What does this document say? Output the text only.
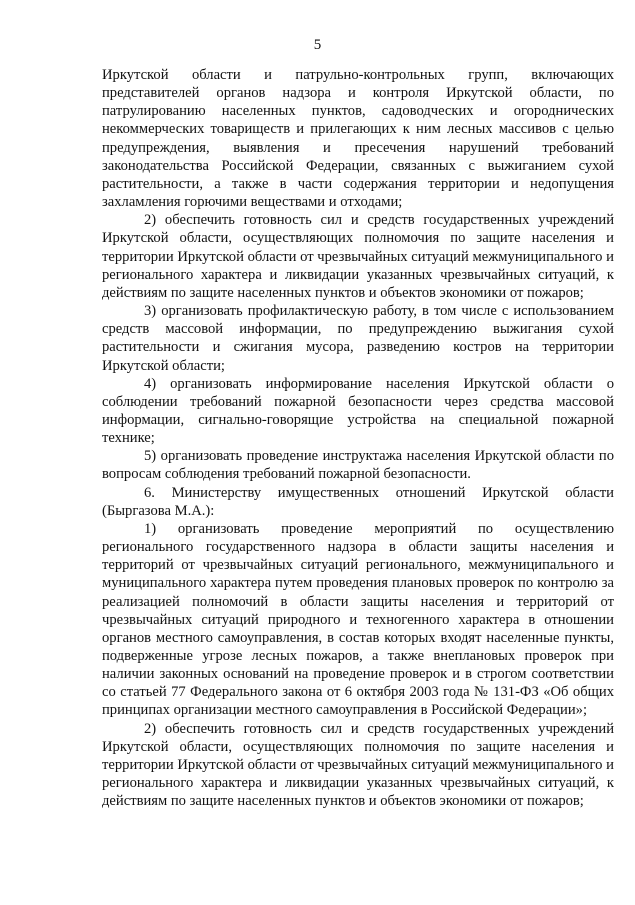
5

Иркутской области и патрульно-контрольных групп, включающих представителей органов надзора и контроля Иркутской области, по патрулированию населенных пунктов, садоводческих и огороднических некоммерческих товариществ и прилегающих к ним лесных массивов с целью предупреждения, выявления и пресечения нарушений требований законодательства Российской Федерации, связанных с выжиганием сухой растительности, а также в части содержания территории и недопущения захламления горючими веществами и отходами;

2) обеспечить готовность сил и средств государственных учреждений Иркутской области, осуществляющих полномочия по защите населения и территории Иркутской области от чрезвычайных ситуаций межмуниципального и регионального характера и ликвидации указанных чрезвычайных ситуаций, к действиям по защите населенных пунктов и объектов экономики от пожаров;

3) организовать профилактическую работу, в том числе с использованием средств массовой информации, по предупреждению выжигания сухой растительности и сжигания мусора, разведению костров на территории Иркутской области;

4) организовать информирование населения Иркутской области о соблюдении требований пожарной безопасности через средства массовой информации, сигнально-говорящие устройства на специальной пожарной технике;

5) организовать проведение инструктажа населения Иркутской области по вопросам соблюдения требований пожарной безопасности.

6. Министерству имущественных отношений Иркутской области (Быргазова М.А.):

1) организовать проведение мероприятий по осуществлению регионального государственного надзора в области защиты населения и территорий от чрезвычайных ситуаций регионального, межмуниципального и муниципального характера путем проведения плановых проверок по контролю за реализацией полномочий в области защиты населения и территорий от чрезвычайных ситуаций природного и техногенного характера в отношении органов местного самоуправления, в состав которых входят населенные пункты, подверженные угрозе лесных пожаров, а также внеплановых проверок при наличии законных оснований на проведение проверок и в строгом соответствии со статьей 77 Федерального закона от 6 октября 2003 года № 131-ФЗ «Об общих принципах организации местного самоуправления в Российской Федерации»;

2) обеспечить готовность сил и средств государственных учреждений Иркутской области, осуществляющих полномочия по защите населения и территории Иркутской области от чрезвычайных ситуаций межмуниципального и регионального характера и ликвидации указанных чрезвычайных ситуаций, к действиям по защите населенных пунктов и объектов экономики от пожаров;
